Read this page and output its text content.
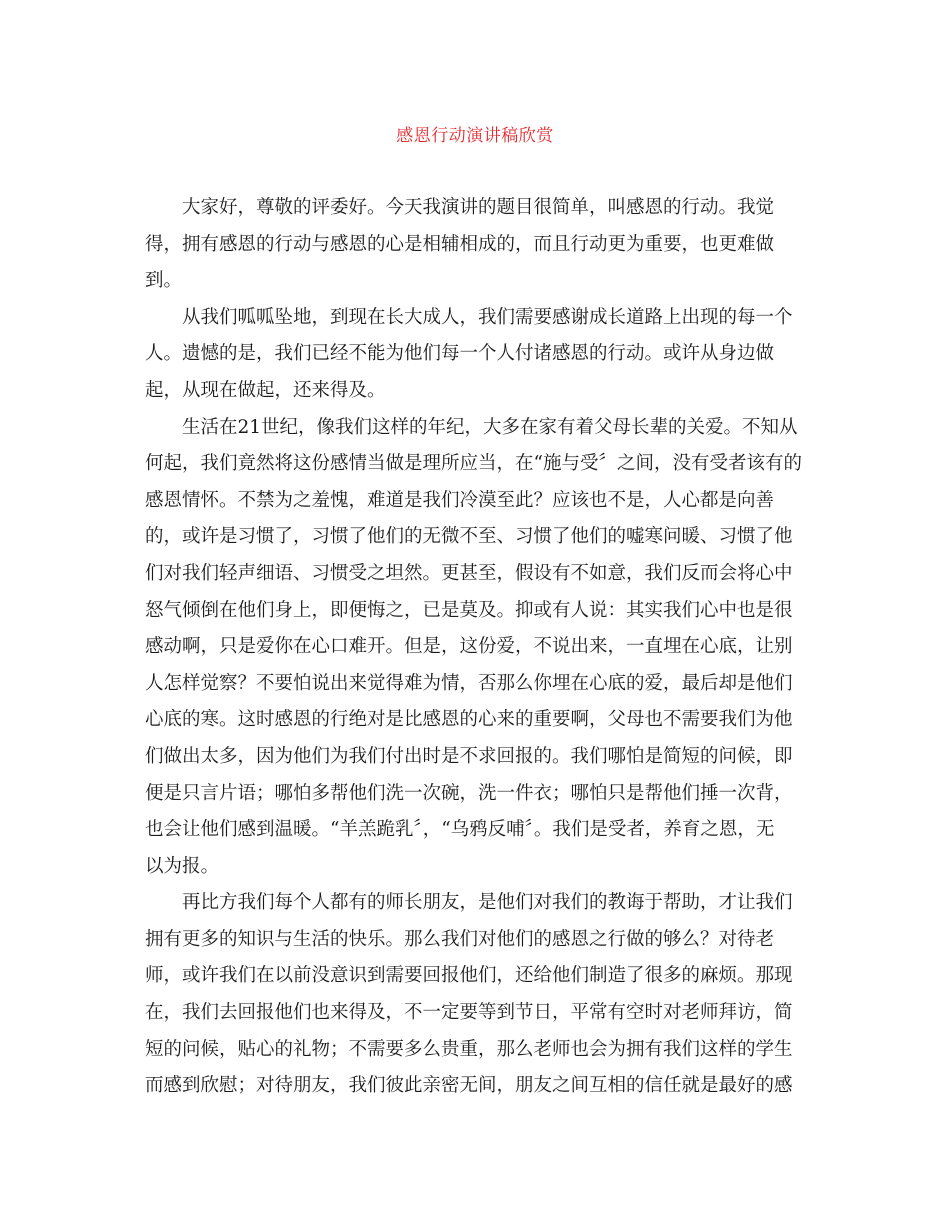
感恩行动演讲稿欣赏
大家好，尊敬的评委好。今天我演讲的题目很简单，叫感恩的行动。我觉
得，拥有感恩的行动与感恩的心是相辅相成的，而且行动更为重要，也更难做
到。
从我们呱呱坠地，到现在长大成人，我们需要感谢成长道路上出现的每一个
人。遗憾的是，我们已经不能为他们每一个人付诸感恩的行动。或许从身边做
起，从现在做起，还来得及。
生活在21世纪，像我们这样的年纪，大多在家有着父母长辈的关爱。不知从
何起，我们竟然将这份感情当做是理所应当，在“施与受〞之间，没有受者该有的
感恩情怀。不禁为之羞愧，难道是我们冷漠至此？应该也不是，人心都是向善
的，或许是习惯了，习惯了他们的无微不至、习惯了他们的嘘寒问暖、习惯了他
们对我们轻声细语、习惯受之坦然。更甚至，假设有不如意，我们反而会将心中
怒气倾倒在他们身上，即便悔之，已是莫及。抑或有人说：其实我们心中也是很
感动啊，只是爱你在心口难开。但是，这份爱，不说出来，一直埋在心底，让别
人怎样觉察？不要怕说出来觉得难为情，否那么你埋在心底的爱，最后却是他们
心底的寒。这时感恩的行绝对是比感恩的心来的重要啊，父母也不需要我们为他
们做出太多，因为他们为我们付出时是不求回报的。我们哪怕是简短的问候，即
便是只言片语；哪怕多帮他们洗一次碗，洗一件衣；哪怕只是帮他们捶一次背，
也会让他们感到温暖。“羊羔跪乳〞，“乌鸦反哺〞。我们是受者，养育之恩，无
以为报。
再比方我们每个人都有的师长朋友，是他们对我们的教诲于帮助，才让我们
拥有更多的知识与生活的快乐。那么我们对他们的感恩之行做的够么？对待老
师，或许我们在以前没意识到需要回报他们，还给他们制造了很多的麻烦。那现
在，我们去回报他们也来得及，不一定要等到节日，平常有空时对老师拜访，简
短的问候，贴心的礼物；不需要多么贵重，那么老师也会为拥有我们这样的学生
而感到欣慰；对待朋友，我们彼此亲密无间，朋友之间互相的信任就是最好的感
